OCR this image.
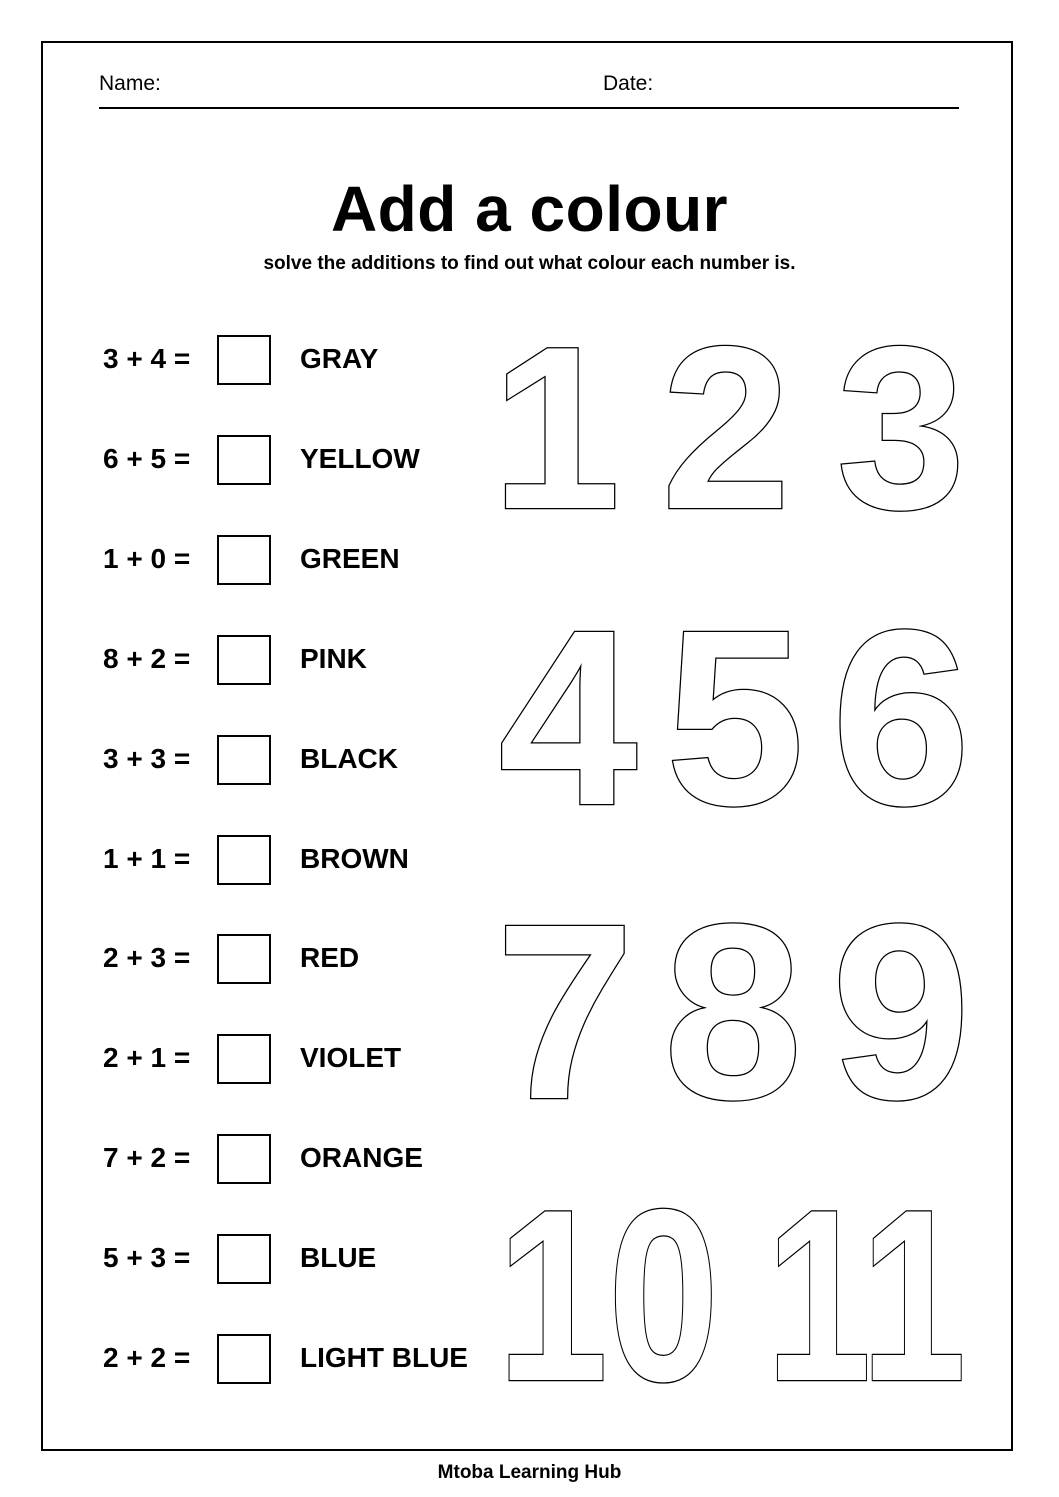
Name:	Date:
Add a colour
solve the additions to find out what colour each number is.
3 + 4 =	GRAY
6 + 5 =	YELLOW
1 + 0 =	GREEN
8 + 2 =	PINK
3 + 3 =	BLACK
1 + 1 =	BROWN
2 + 3 =	RED
2 + 1 =	VIOLET
7 + 2 =	ORANGE
5 + 3 =	BLUE
2 + 2 =	LIGHT BLUE
1 2 3
4 5 6
7 8 9
10 11
Mtoba Learning Hub
